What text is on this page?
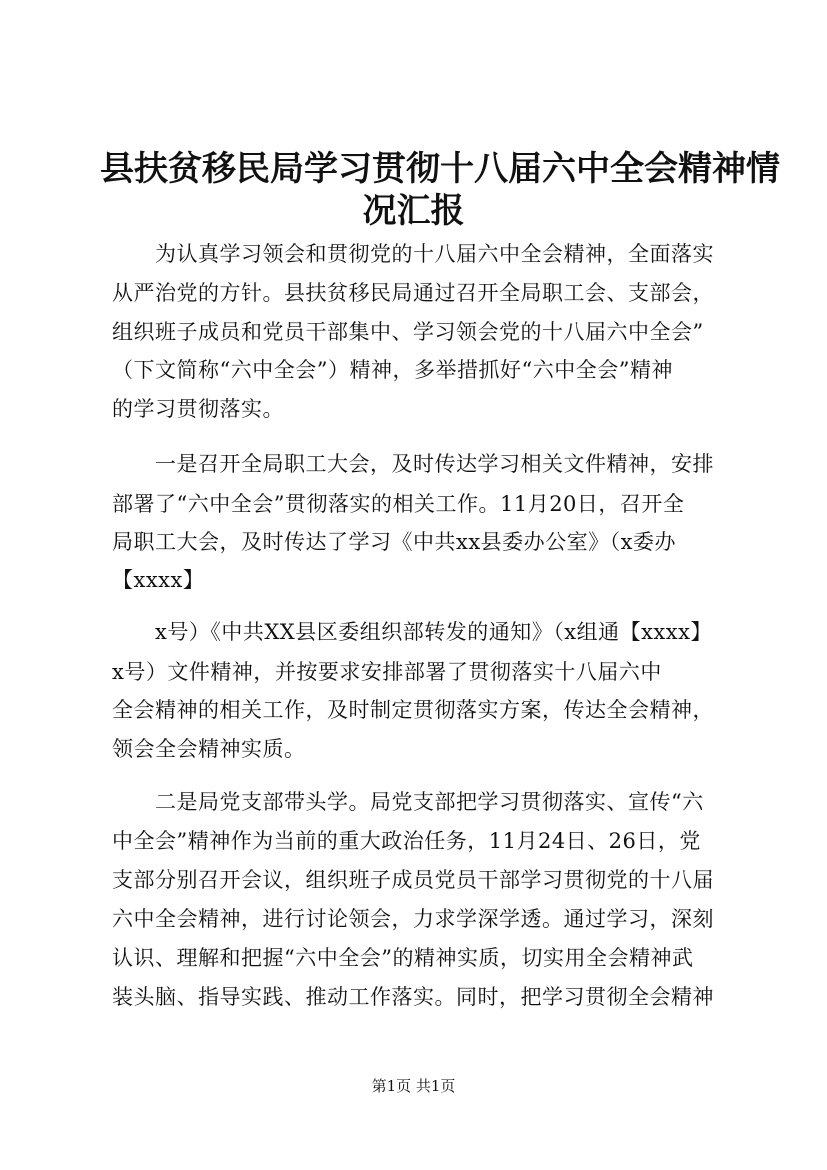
县扶贫移民局学习贯彻十八届六中全会精神情
况汇报
　　为认真学习领会和贯彻党的十八届六中全会精神，全面落实
从严治党的方针。县扶贫移民局通过召开全局职工会、支部会，
组织班子成员和党员干部集中、学习领会党的十八届六中全会”
（下文简称“六中全会”）精神，多举措抓好“六中全会”精神
的学习贯彻落实。
　　一是召开全局职工大会，及时传达学习相关文件精神，安排
部署了“六中全会”贯彻落实的相关工作。11月20日，召开全
局职工大会，及时传达了学习《中共xx县委办公室》（x委办
【xxxx】
　　x号）《中共XX县区委组织部转发的通知》（x组通【xxxx】
x号）文件精神，并按要求安排部署了贯彻落实十八届六中
全会精神的相关工作，及时制定贯彻落实方案，传达全会精神，
领会全会精神实质。
　　二是局党支部带头学。局党支部把学习贯彻落实、宣传“六
中全会”精神作为当前的重大政治任务，11月24日、26日，党
支部分别召开会议，组织班子成员党员干部学习贯彻党的十八届
六中全会精神，进行讨论领会，力求学深学透。通过学习，深刻
认识、理解和把握“六中全会”的精神实质，切实用全会精神武
装头脑、指导实践、推动工作落实。同时，把学习贯彻全会精神
第1页 共1页
